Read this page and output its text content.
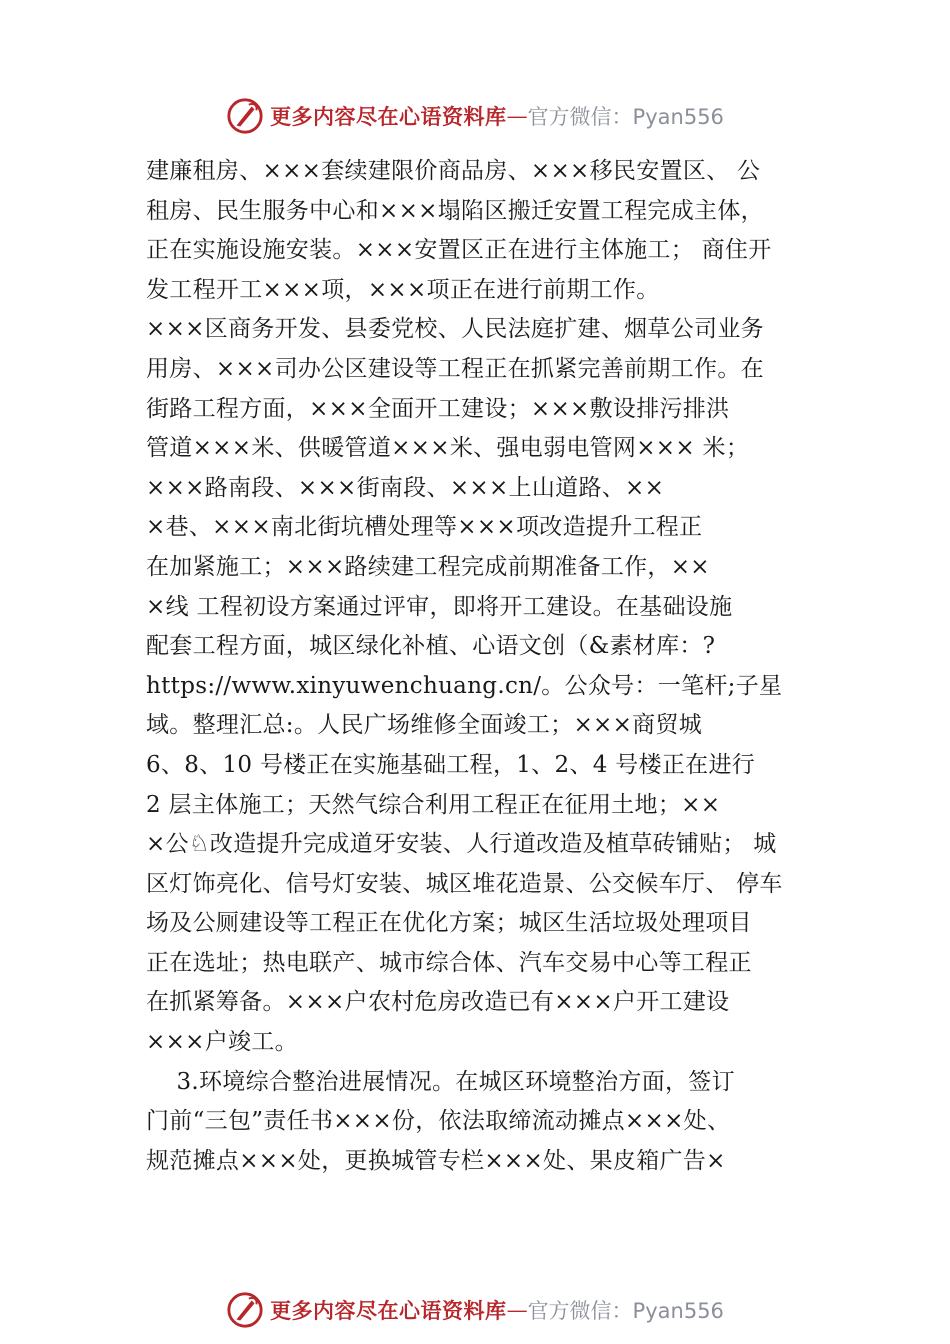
更多内容尽在心语资料库 — 官方微信：Pyan556
建廉租房、×××套续建限价商品房、×××移民安置区、 公
租房、民生服务中心和×××塌陷区搬迁安置工程完成主体，
正在实施设施安装。×××安置区正在进行主体施工； 商住开
发工程开工×××项，×××项正在进行前期工作。
×××区商务开发、县委党校、人民法庭扩建、烟草公司业务
用房、×××司办公区建设等工程正在抓紧完善前期工作。在
街路工程方面，×××全面开工建设；×××敷设排污排洪
管道×××米、供暖管道×××米、强电弱电管网××× 米；
×××路南段、×××街南段、×××上山道路、××
×巷、×××南北街坑槽处理等×××项改造提升工程正
在加紧施工；×××路续建工程完成前期准备工作，××
×线 工程初设方案通过评审，即将开工建设。在基础设施
配套工程方面，城区绿化补植、心语文创（&素材库：?
https://www.xinyuwenchuang.cn/。公众号：一笔杆;子星
域。整理汇总:。人民广场维修全面竣工；×××商贸城
6、8、10 号楼正在实施基础工程，1、2、4 号楼正在进行
2 层主体施工；天然气综合利用工程正在征用土地；××
×公♘改造提升完成道牙安装、人行道改造及植草砖铺贴； 城
区灯饰亮化、信号灯安装、城区堆花造景、公交候车厅、 停车
场及公厕建设等工程正在优化方案；城区生活垃圾处理项目
正在选址；热电联产、城市综合体、汽车交易中心等工程正
在抓紧筹备。×××户农村危房改造已有×××户开工建设
×××户竣工。
3.环境综合整治进展情况。在城区环境整治方面，签订
门前“三包”责任书×××份，依法取缔流动摊点×××处、
规范摊点×××处，更换城管专栏×××处、果皮箱广告×
更多内容尽在心语资料库 — 官方微信：Pyan556
